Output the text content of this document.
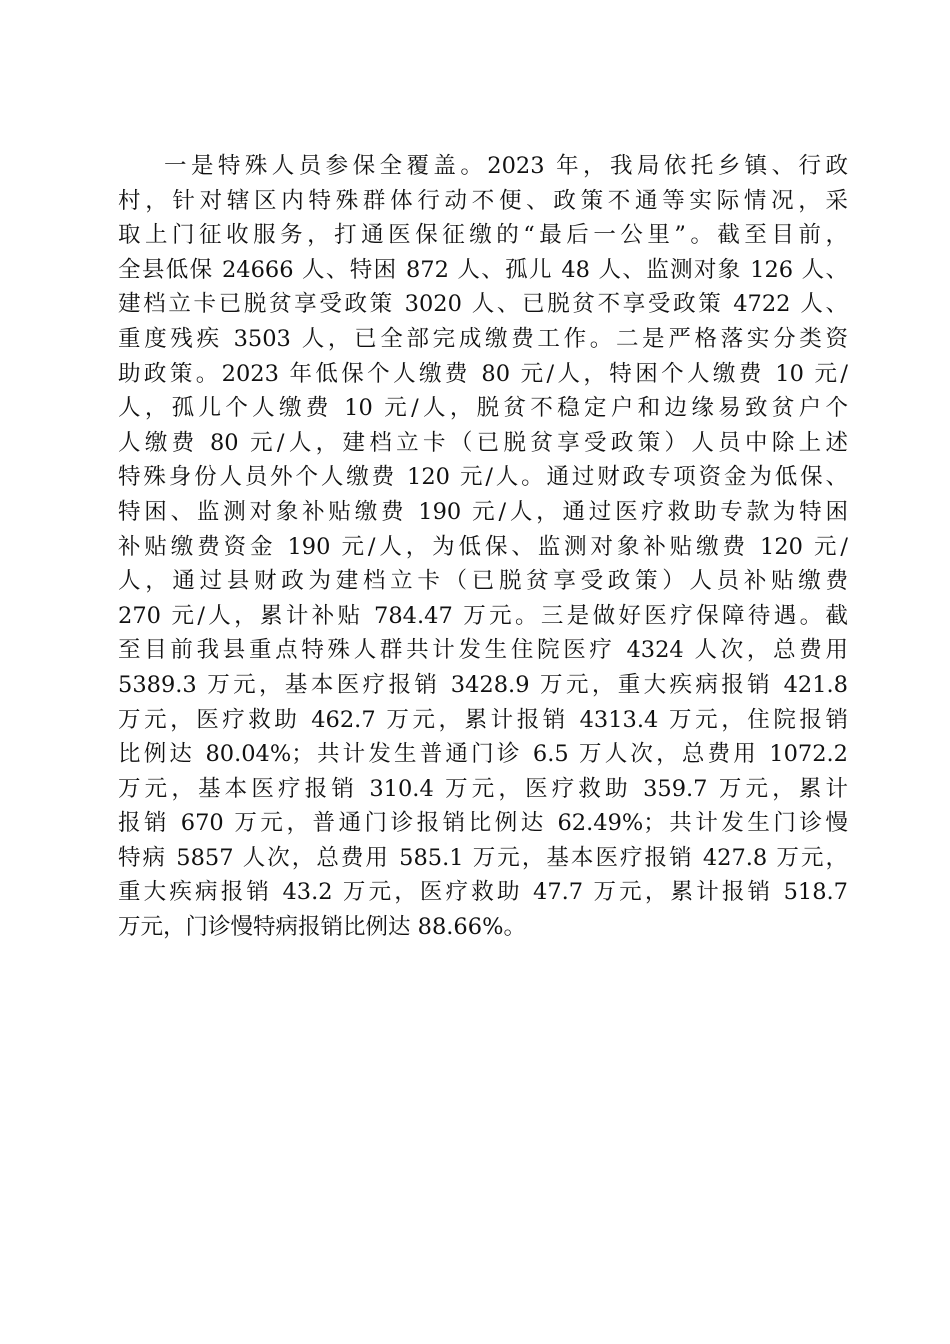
一是特殊人员参保全覆盖。2023 年，我局依托乡镇、行政
村，针对辖区内特殊群体行动不便、政策不通等实际情况，采
取上门征收服务，打通医保征缴的“最后一公里”。截至目前，
全县低保 24666 人、特困 872 人、孤儿 48 人、监测对象 126 人、
建档立卡已脱贫享受政策 3020 人、已脱贫不享受政策 4722 人、
重度残疾 3503 人，已全部完成缴费工作。二是严格落实分类资
助政策。2023 年低保个人缴费 80 元/人，特困个人缴费 10 元/
人，孤儿个人缴费 10 元/人，脱贫不稳定户和边缘易致贫户个
人缴费 80 元/人，建档立卡（已脱贫享受政策）人员中除上述
特殊身份人员外个人缴费 120 元/人。通过财政专项资金为低保、
特困、监测对象补贴缴费 190 元/人，通过医疗救助专款为特困
补贴缴费资金 190 元/人，为低保、监测对象补贴缴费 120 元/
人，通过县财政为建档立卡（已脱贫享受政策）人员补贴缴费
270 元/人，累计补贴 784.47 万元。三是做好医疗保障待遇。截
至目前我县重点特殊人群共计发生住院医疗 4324 人次，总费用
5389.3 万元，基本医疗报销 3428.9 万元，重大疾病报销 421.8
万元，医疗救助 462.7 万元，累计报销 4313.4 万元，住院报销
比例达 80.04%；共计发生普通门诊 6.5 万人次，总费用 1072.2
万元，基本医疗报销 310.4 万元，医疗救助 359.7 万元，累计
报销 670 万元，普通门诊报销比例达 62.49%；共计发生门诊慢
特病 5857 人次，总费用 585.1 万元，基本医疗报销 427.8 万元，
重大疾病报销 43.2 万元，医疗救助 47.7 万元，累计报销 518.7
万元，门诊慢特病报销比例达 88.66%。
